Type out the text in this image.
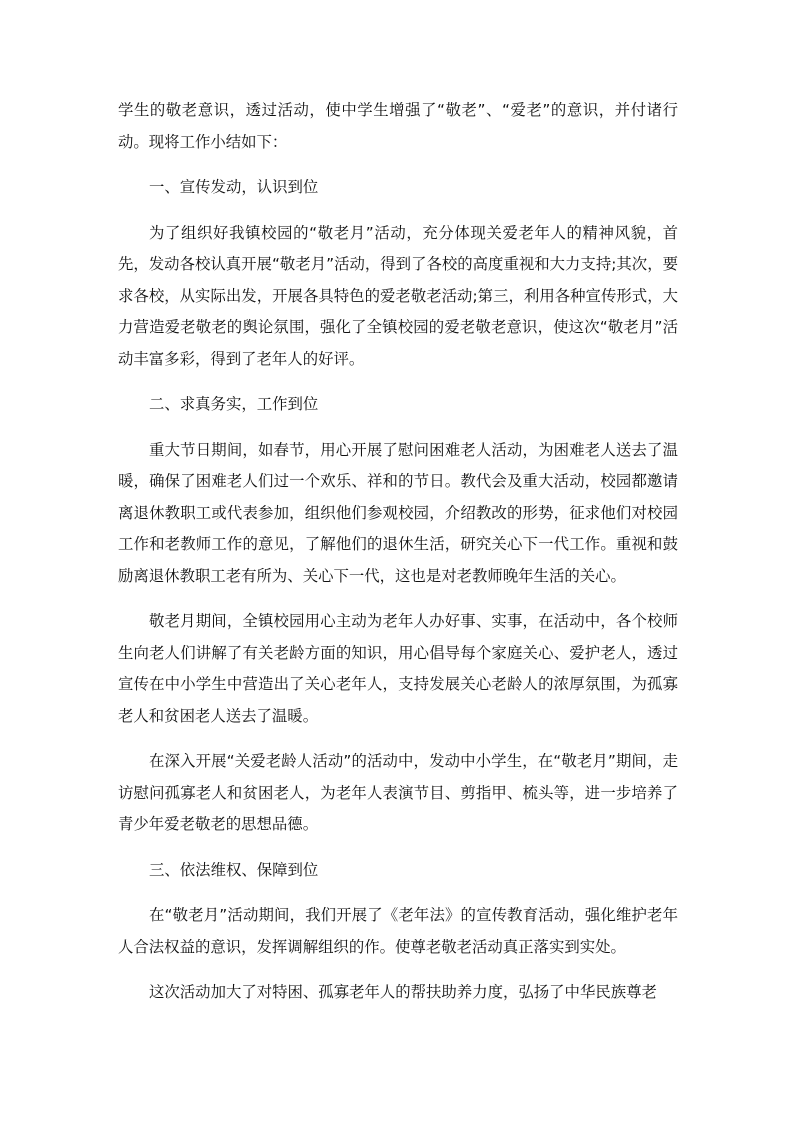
学生的敬老意识，透过活动，使中学生增强了“敬老”、“爱老”的意识，并付诸行动。现将工作小结如下：

一、宣传发动，认识到位

为了组织好我镇校园的“敬老月”活动，充分体现关爱老年人的精神风貌，首先，发动各校认真开展“敬老月”活动，得到了各校的高度重视和大力支持;其次，要求各校，从实际出发，开展各具特色的爱老敬老活动;第三，利用各种宣传形式，大力营造爱老敬老的舆论氛围，强化了全镇校园的爱老敬老意识，使这次“敬老月”活动丰富多彩，得到了老年人的好评。

二、求真务实，工作到位

重大节日期间，如春节，用心开展了慰问困难老人活动，为困难老人送去了温暖，确保了困难老人们过一个欢乐、祥和的节日。教代会及重大活动，校园都邀请离退休教职工或代表参加，组织他们参观校园，介绍教改的形势，征求他们对校园工作和老教师工作的意见，了解他们的退休生活，研究关心下一代工作。重视和鼓励离退休教职工老有所为、关心下一代，这也是对老教师晚年生活的关心。

敬老月期间，全镇校园用心主动为老年人办好事、实事，在活动中，各个校师生向老人们讲解了有关老龄方面的知识，用心倡导每个家庭关心、爱护老人，透过宣传在中小学生中营造出了关心老年人，支持发展关心老龄人的浓厚氛围，为孤寡老人和贫困老人送去了温暖。

在深入开展“关爱老龄人活动”的活动中，发动中小学生，在“敬老月”期间，走访慰问孤寡老人和贫困老人，为老年人表演节目、剪指甲、梳头等，进一步培养了青少年爱老敬老的思想品德。

三、依法维权、保障到位

在“敬老月”活动期间，我们开展了《老年法》的宣传教育活动，强化维护老年人合法权益的意识，发挥调解组织的作。使尊老敬老活动真正落实到实处。

这次活动加大了对特困、孤寡老年人的帮扶助养力度，弘扬了中华民族尊老
